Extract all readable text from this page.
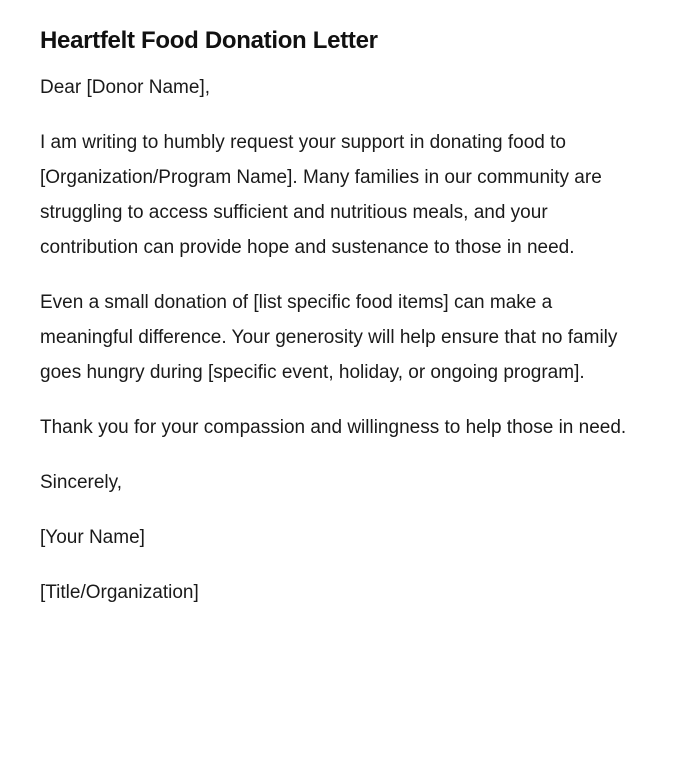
Heartfelt Food Donation Letter

Dear [Donor Name],

I am writing to humbly request your support in donating food to [Organization/Program Name]. Many families in our community are struggling to access sufficient and nutritious meals, and your contribution can provide hope and sustenance to those in need.

Even a small donation of [list specific food items] can make a meaningful difference. Your generosity will help ensure that no family goes hungry during [specific event, holiday, or ongoing program].

Thank you for your compassion and willingness to help those in need.

Sincerely,

[Your Name]

[Title/Organization]
